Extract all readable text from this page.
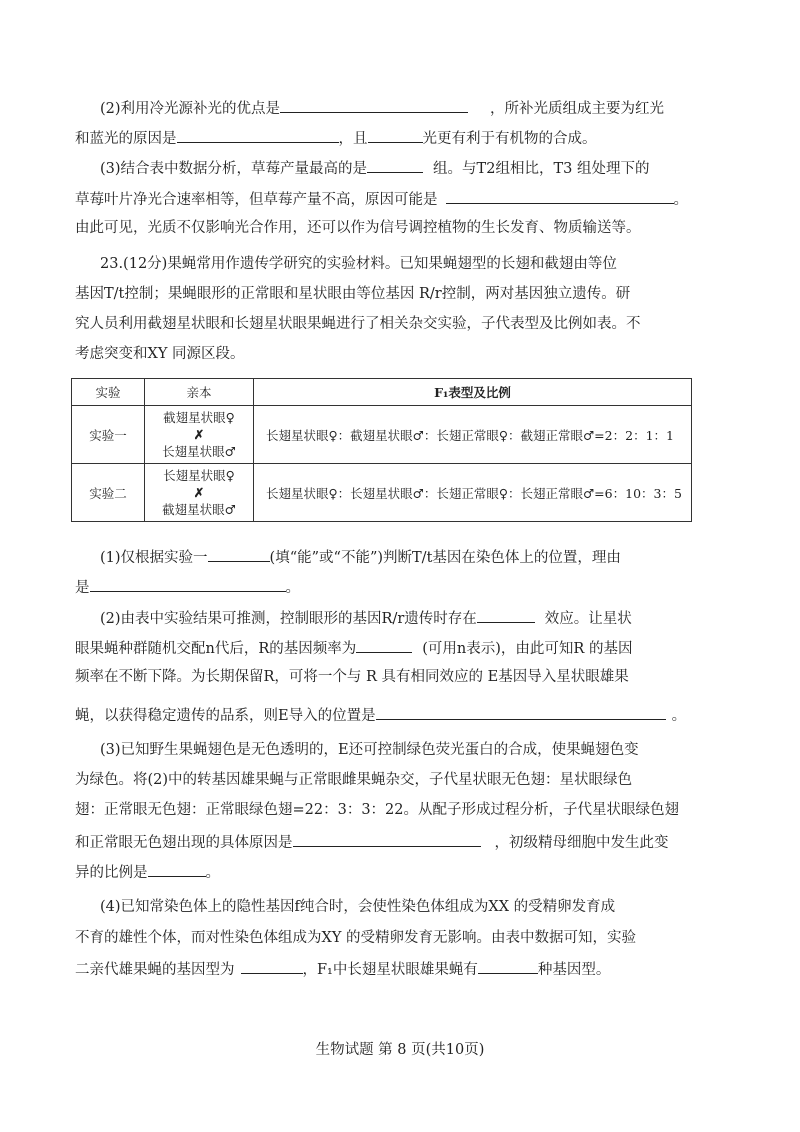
(2)利用冷光源补光的优点是	，所补光质组成主要为红光
和蓝光的原因是	，且	光更有利于有机物的合成。
(3)结合表中数据分析，草莓产量最高的是	组。与T2组相比，T3 组处理下的
草莓叶片净光合速率相等，但草莓产量不高，原因可能是	。
由此可见，光质不仅影响光合作用，还可以作为信号调控植物的生长发育、物质输送等。
23.(12分)果蝇常用作遗传学研究的实验材料。已知果蝇翅型的长翅和截翅由等位
基因T/t控制；果蝇眼形的正常眼和星状眼由等位基因 R/r控制，两对基因独立遗传。研
究人员利用截翅星状眼和长翅星状眼果蝇进行了相关杂交实验，子代表型及比例如表。不
考虑突变和XY 同源区段。
实验	亲本	F₁表型及比例
实验一	截翅星状眼♀
✗
长翅星状眼♂	长翅星状眼♀：截翅星状眼♂：长翅正常眼♀：截翅正常眼♂=2：2：1：1
实验二	长翅星状眼♀
✗
截翅星状眼♂	长翅星状眼♀：长翅星状眼♂：长翅正常眼♀：长翅正常眼♂=6：10：3：5
(1)仅根据实验一	(填“能”或“不能”)判断T/t基因在染色体上的位置，理由
是	。
(2)由表中实验结果可推测，控制眼形的基因R/r遗传时存在	效应。让星状
眼果蝇种群随机交配n代后，R的基因频率为	(可用n表示)，由此可知R 的基因
频率在不断下降。为长期保留R，可将一个与 R 具有相同效应的 E基因导入星状眼雄果
蝇，以获得稳定遗传的品系，则E导入的位置是	。
(3)已知野生果蝇翅色是无色透明的，E还可控制绿色荧光蛋白的合成，使果蝇翅色变
为绿色。将(2)中的转基因雄果蝇与正常眼雌果蝇杂交，子代星状眼无色翅：星状眼绿色
翅：正常眼无色翅：正常眼绿色翅=22：3：3：22。从配子形成过程分析，子代星状眼绿色翅
和正常眼无色翅出现的具体原因是	，初级精母细胞中发生此变
异的比例是	。
(4)已知常染色体上的隐性基因f纯合时，会使性染色体组成为XX 的受精卵发育成
不育的雄性个体，而对性染色体组成为XY 的受精卵发育无影响。由表中数据可知，实验
二亲代雄果蝇的基因型为	，F₁中长翅星状眼雄果蝇有	种基因型。
生物试题 第 8 页(共10页)
